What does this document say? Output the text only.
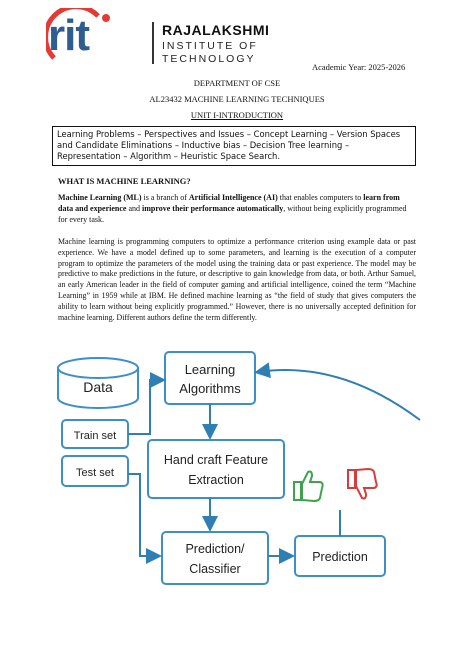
rit	RAJALAKSHMI
INSTITUTE OF
TECHNOLOGY
Academic Year: 2025-2026
DEPARTMENT OF CSE
AL23432 MACHINE LEARNING TECHNIQUES
UNIT I-INTRODUCTION
Learning Problems – Perspectives and Issues – Concept Learning – Version Spaces and Candidate Eliminations – Inductive bias – Decision Tree learning – Representation – Algorithm – Heuristic Space Search.
WHAT IS MACHINE LEARNING?
Machine Learning (ML) is a branch of Artificial Intelligence (AI) that enables computers to learn from data and experience and improve their performance automatically, without being explicitly programmed for every task.
Machine learning is programming computers to optimize a performance criterion using example data or past experience. We have a model defined up to some parameters, and learning is the execution of a computer program to optimize the parameters of the model using the training data or past experience. The model may be predictive to make predictions in the future, or descriptive to gain knowledge from data, or both. Arthur Samuel, an early American leader in the field of computer gaming and artificial intelligence, coined the term “Machine Learning” in 1959 while at IBM. He defined machine learning as “the field of study that gives computers the ability to learn without being explicitly programmed.” However, there is no universally accepted definition for machine learning. Different authors define the term differently.
Data
Train set
Test set
Learning
Algorithms
Hand craft Feature
Extraction
Prediction/
Classifier
Prediction
